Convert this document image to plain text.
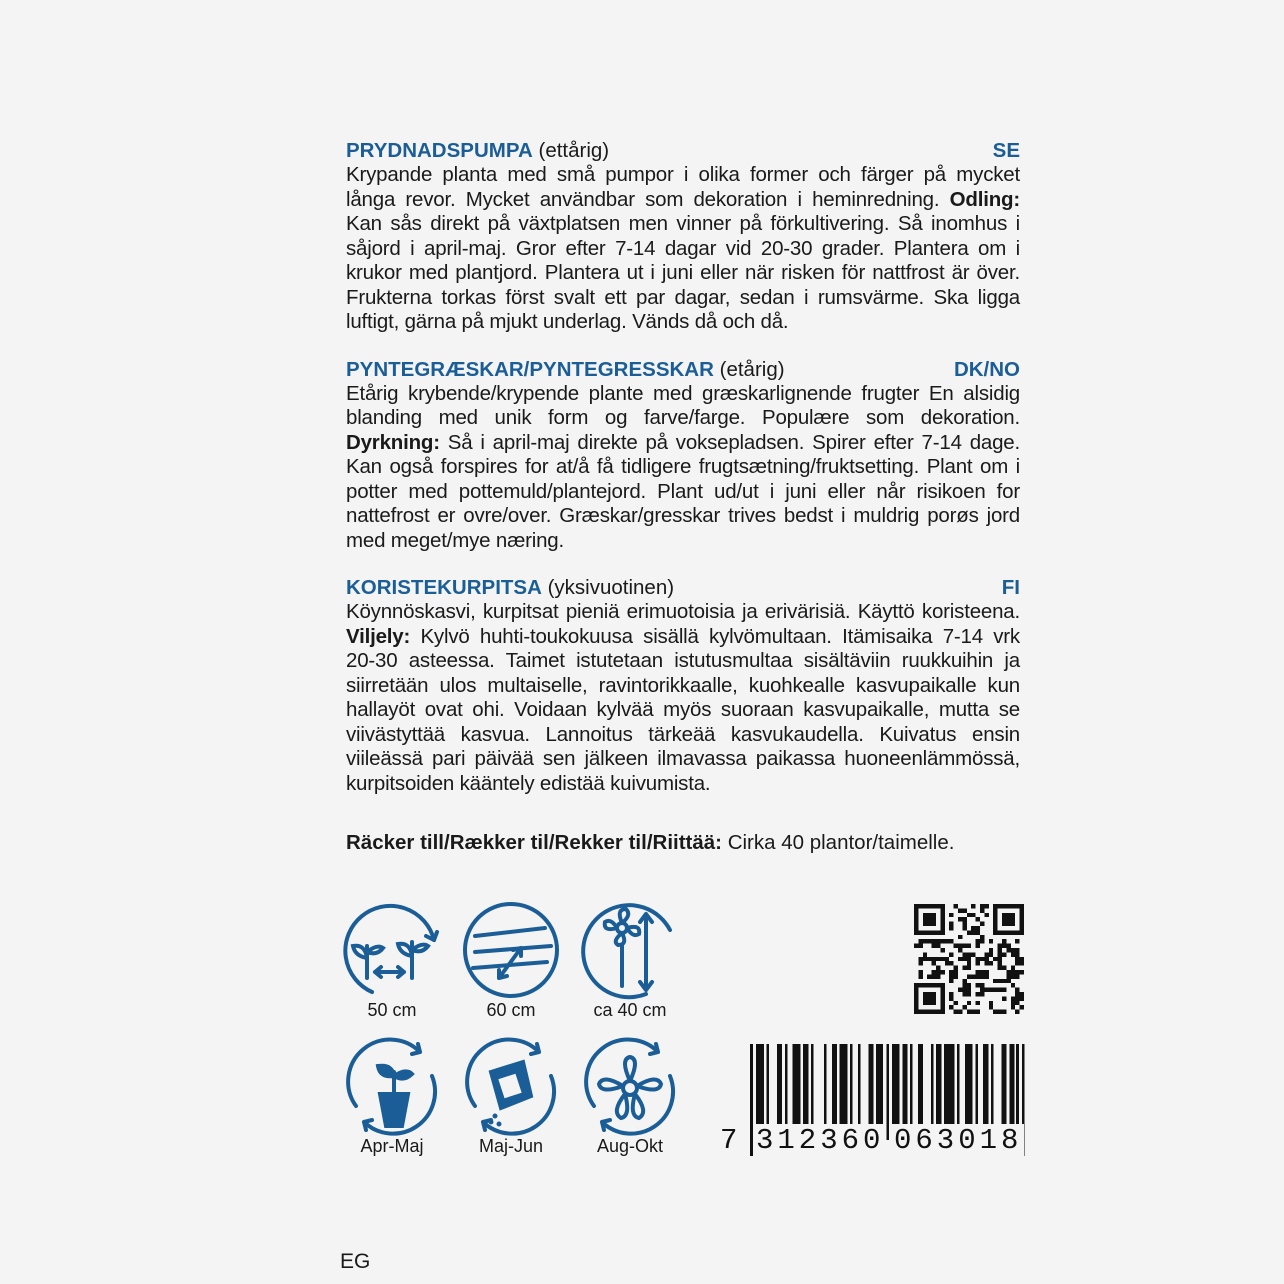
PRYDNADSPUMPA (ettårig)	SE
Krypande planta med små pumpor i olika former och färger på mycket långa revor. Mycket användbar som dekoration i heminredning. Odling: Kan sås direkt på växtplatsen men vinner på förkultivering. Så inomhus i såjord i april-maj. Gror efter 7-14 dagar vid 20-30 grader. Plantera om i krukor med plantjord. Plantera ut i juni eller när risken för nattfrost är över. Frukterna torkas först svalt ett par dagar, sedan i rumsvärme. Ska ligga luftigt, gärna på mjukt underlag. Vänds då och då.
PYNTEGRÆSKAR/PYNTEGRESSKAR (etårig)	DK/NO
Etårig krybende/krypende plante med græskarlignende frugter En alsidig blanding med unik form og farve/farge. Populære som dekoration. Dyrkning: Så i april-maj direkte på voksepladsen. Spirer efter 7-14 dage. Kan også forspires for at/å få tidligere frugtsætning/fruktsetting. Plant om i potter med pottemuld/plantejord. Plant ud/ut i juni eller når risikoen for nattefrost er ovre/over. Græskar/gresskar trives bedst i muldrig porøs jord med meget/mye næring.
KORISTEKURPITSA (yksivuotinen)	FI
Köynnöskasvi, kurpitsat pieniä erimuotoisia ja erivärisiä. Käyttö koristeena. Viljely: Kylvö huhti-toukokuusa sisällä kylvömultaan. Itämisaika 7-14 vrk 20-30 asteessa. Taimet istutetaan istutusmultaa sisältäviin ruukkuihin ja siirretään ulos multaiselle, ravintorikkaalle, kuohkealle kasvupaikalle kun hallayöt ovat ohi. Voidaan kylvää myös suoraan kasvupaikalle, mutta se viivästyttää kasvua. Lannoitus tärkeää kasvukaudella. Kuivatus ensin viileässä pari päivää sen jälkeen ilmavassa paikassa huoneenlämmössä, kurpitsoiden kääntely edistää kuivumista.
Räcker till/Rækker til/Rekker til/Riittää: Cirka 40 plantor/taimelle.
50 cm	60 cm	ca 40 cm
Apr-Maj	Maj-Jun	Aug-Okt	7 312360 063018
EG
